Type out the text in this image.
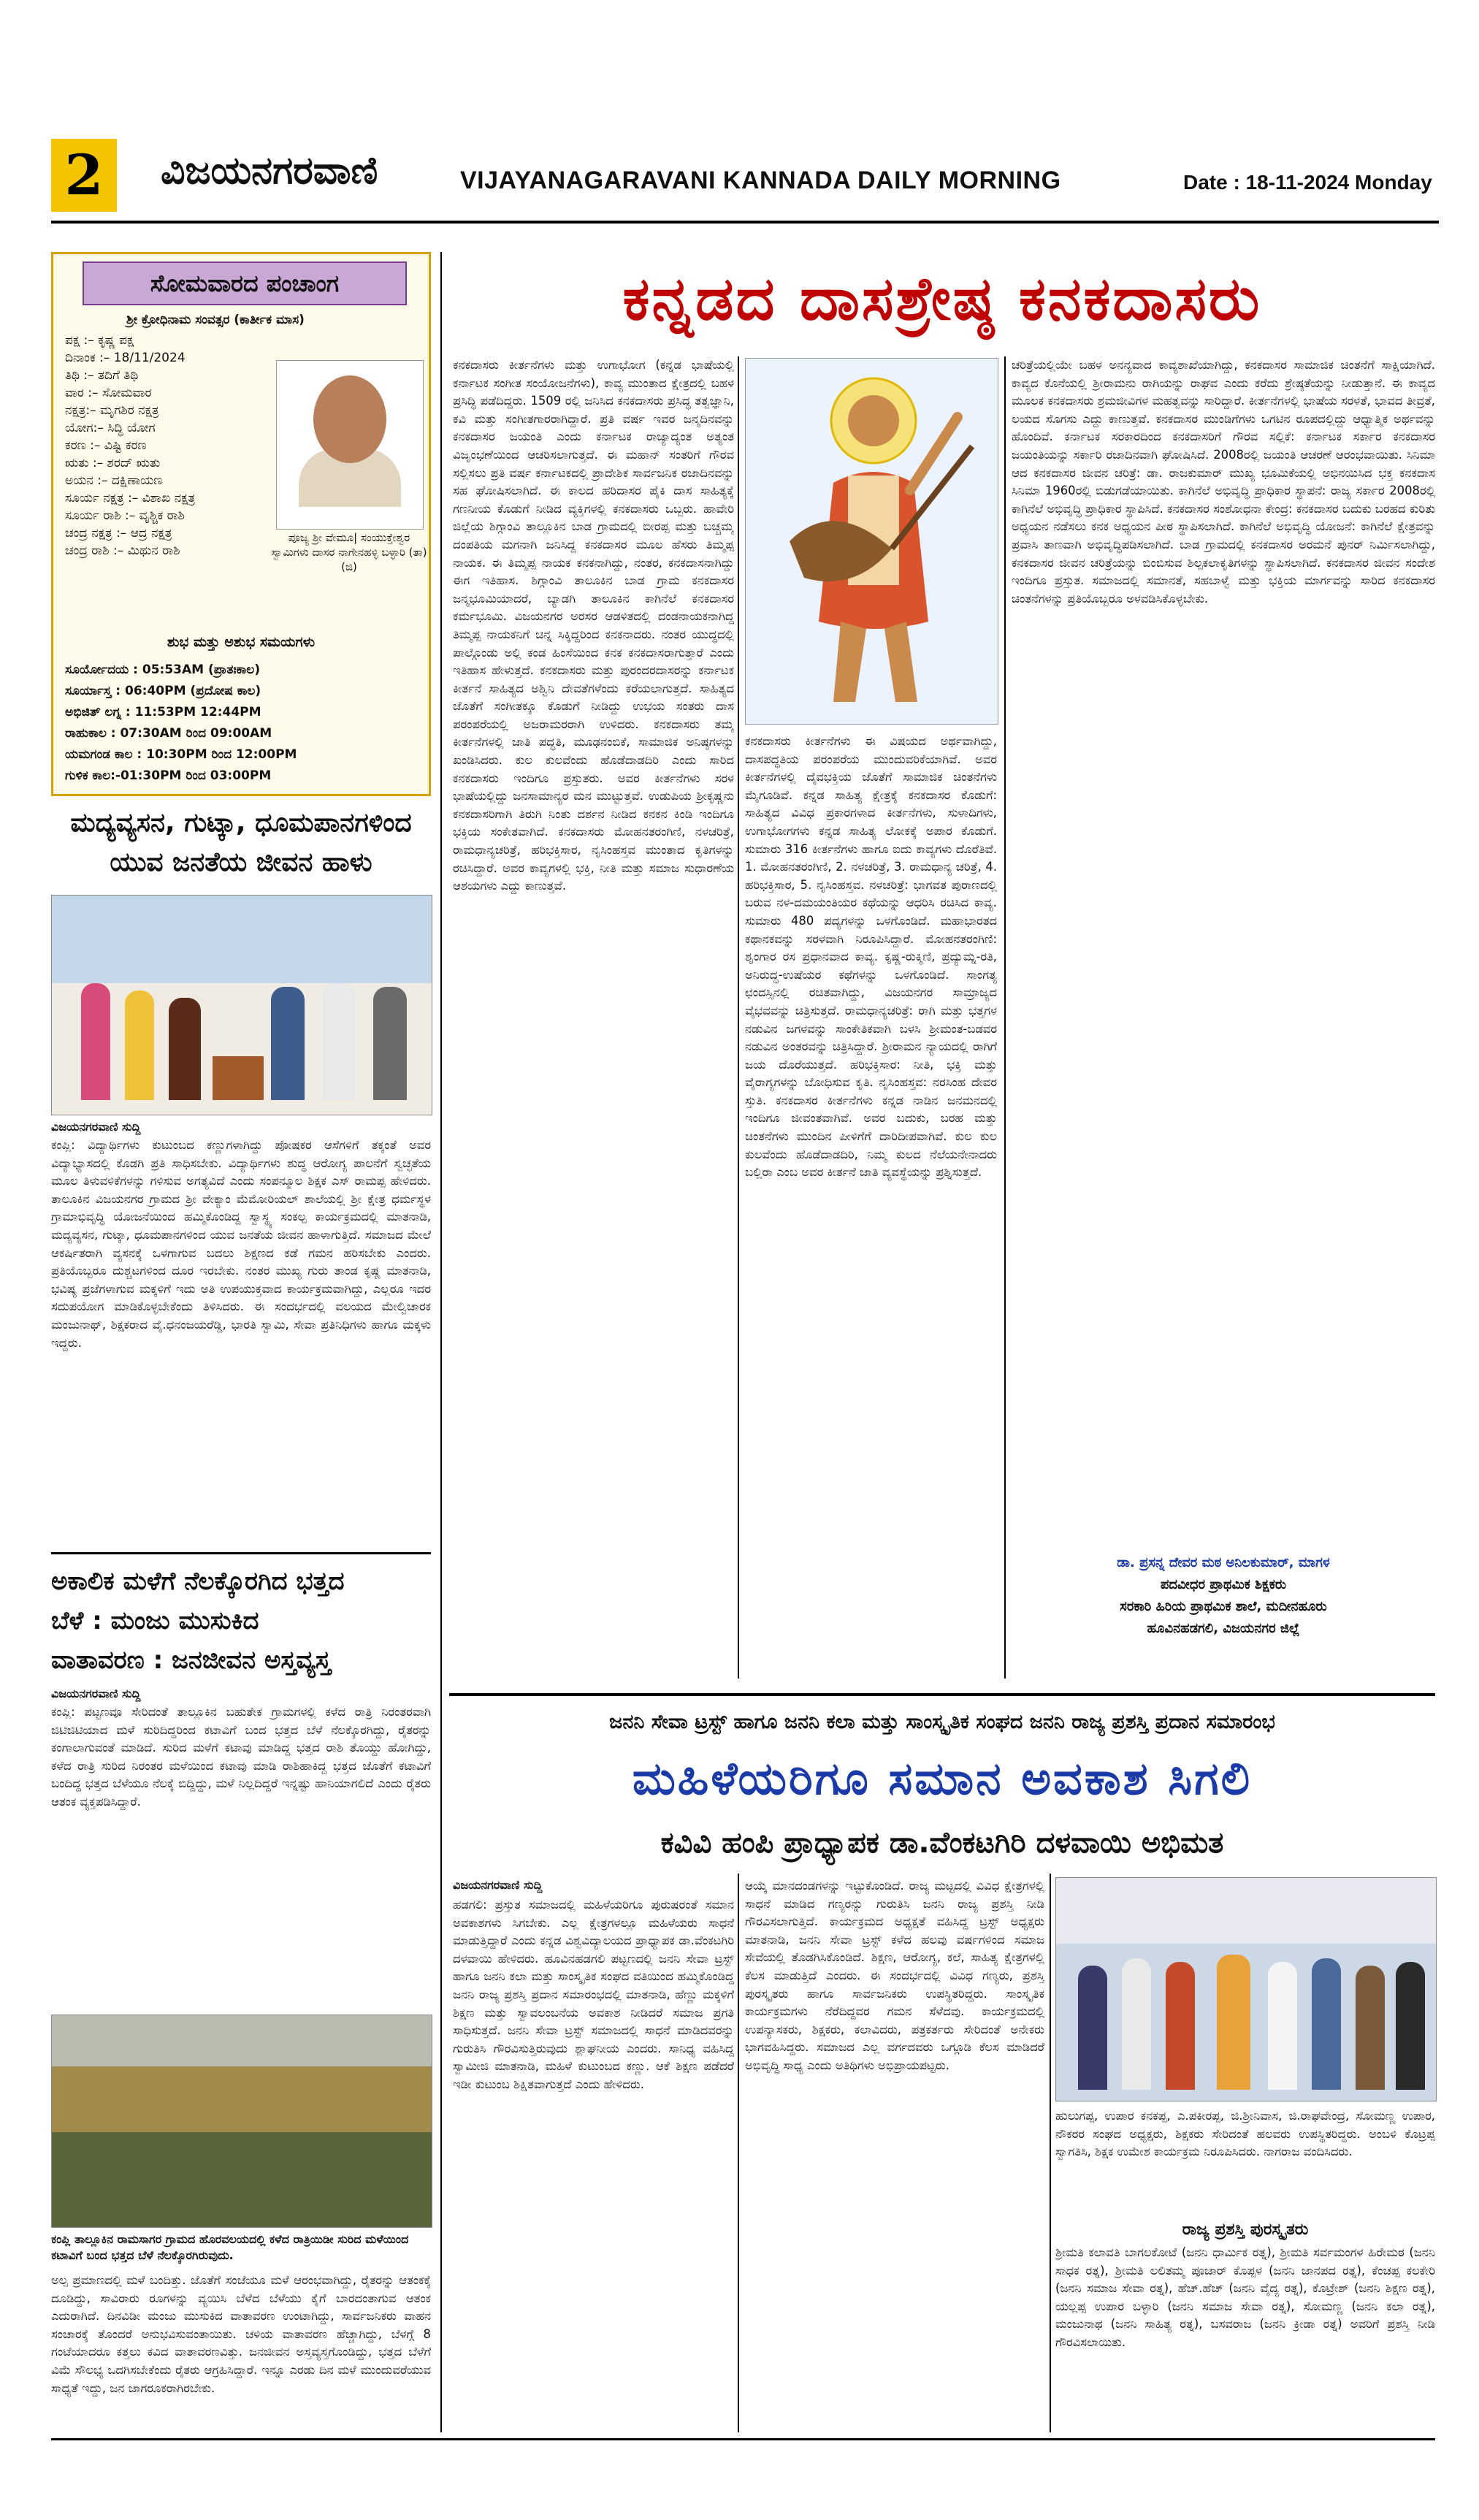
2	ವಿಜಯನಗರವಾಣಿ	VIJAYANAGARAVANI KANNADA DAILY MORNING	Date : 18-11-2024 Monday
ಸೋಮವಾರದ ಪಂಚಾಂಗ
ಶ್ರೀ ಕ್ರೋಧಿನಾಮ ಸಂವತ್ಸರ (ಕಾರ್ತೀಕ ಮಾಸ)
ಪಕ್ಷ :– ಕೃಷ್ಣ ಪಕ್ಷ
ದಿನಾಂಕ :– 18/11/2024
ತಿಥಿ :– ತದಿಗೆ ತಿಥಿ
ವಾರ :– ಸೋಮವಾರ
ನಕ್ಷತ್ರ:– ಮೃಗಶಿರ ನಕ್ಷತ್ರ
ಯೋಗ:– ಸಿದ್ಧಿ ಯೋಗ
ಕರಣ :– ವಿಷ್ಟಿ ಕರಣ
ಋತು :– ಶರದ್ ಋತು
ಅಯನ :– ದಕ್ಷಿಣಾಯಣ
ಸೂರ್ಯ ನಕ್ಷತ್ರ :– ವಿಶಾಖ ನಕ್ಷತ್ರ
ಸೂರ್ಯ ರಾಶಿ :– ವೃಶ್ಚಿಕ ರಾಶಿ
ಚಂದ್ರ ನಕ್ಷತ್ರ :– ಆದ್ರ ನಕ್ಷತ್ರ
ಚಂದ್ರ ರಾಶಿ :– ಮಿಥುನ ರಾಶಿ
ಪೂಜ್ಯ ಶ್ರೀ ವೇಮೂ| ಸಂಯುಕ್ತೇಶ್ವರ ಸ್ವಾಮಿಗಳು ದಾಸರ ನಾಗೇನಹಳ್ಳಿ ಬಳ್ಳಾರಿ (ತಾ)(ಜಿ)
ಶುಭ ಮತ್ತು ಅಶುಭ ಸಮಯಗಳು
ಸೂರ್ಯೋದಯ : 05:53AM (ಪ್ರಾತಃಕಾಲ)
ಸೂರ್ಯಾಸ್ತ : 06:40PM (ಪ್ರದೋಷ ಕಾಲ)
ಅಭಿಜಿತ್ ಲಗ್ನ : 11:53PM 12:44PM
ರಾಹುಕಾಲ : 07:30AM ರಿಂದ 09:00AM
ಯಮಗಂಡ ಕಾಲ : 10:30PM ರಿಂದ 12:00PM
ಗುಳಿಕ ಕಾಲ:-01:30PM ರಿಂದ 03:00PM
ಕನ್ನಡದ ದಾಸಶ್ರೇಷ್ಠ ಕನಕದಾಸರು
ಕನಕದಾಸರು ಕೀರ್ತನೆಗಳು ಮತ್ತು ಉಗಾಭೋಗ (ಕನ್ನಡ ಭಾಷೆಯಲ್ಲಿ ಕರ್ನಾಟಕ ಸಂಗೀತ ಸಂಯೋಜನೆಗಳು), ಕಾವ್ಯ ಮುಂತಾದ ಕ್ಷೇತ್ರದಲ್ಲಿ ಬಹಳ ಪ್ರಸಿದ್ಧಿ ಪಡೆದಿದ್ದರು. 1509 ರಲ್ಲಿ ಜನಿಸಿದ ಕನಕದಾಸರು ಪ್ರಸಿದ್ಧ ತತ್ವಜ್ಞಾನಿ, ಕವಿ ಮತ್ತು ಸಂಗೀತಗಾರರಾಗಿದ್ದಾರೆ. ಪ್ರತಿ ವರ್ಷ ಇವರ ಜನ್ಮದಿನವನ್ನು ಕನಕದಾಸರ ಜಯಂತಿ ಎಂದು ಕರ್ನಾಟಕ ರಾಜ್ಯಾದ್ಯಂತ ಅತ್ಯಂತ ವಿಜೃಂಭಣೆಯಿಂದ ಆಚರಿಸಲಾಗುತ್ತದೆ. ಈ ಮಹಾನ್ ಸಂತರಿಗೆ ಗೌರವ ಸಲ್ಲಿಸಲು ಪ್ರತಿ ವರ್ಷ ಕರ್ನಾಟಕದಲ್ಲಿ ಪ್ರಾದೇಶಿಕ ಸಾರ್ವಜನಿಕ ರಜಾದಿನವನ್ನು ಸಹ ಘೋಷಿಸಲಾಗಿದೆ. ಈ ಕಾಲದ ಹರಿದಾಸರ ಪೈಕಿ ದಾಸ ಸಾಹಿತ್ಯಕ್ಕೆ ಗಣನೀಯ ಕೊಡುಗೆ ನೀಡಿದ ವ್ಯಕ್ತಿಗಳಲ್ಲಿ ಕನಕದಾಸರು ಒಬ್ಬರು. ಹಾವೇರಿ ಜಿಲ್ಲೆಯ ಶಿಗ್ಗಾಂವಿ ತಾಲ್ಲೂಕಿನ ಬಾಡ ಗ್ರಾಮದಲ್ಲಿ ಬೀರಪ್ಪ ಮತ್ತು ಬಚ್ಚಮ್ಮ ದಂಪತಿಯ ಮಗನಾಗಿ ಜನಿಸಿದ್ದ ಕನಕದಾಸರ ಮೂಲ ಹೆಸರು ತಿಮ್ಮಪ್ಪ ನಾಯಕ. ಈ ತಿಮ್ಮಪ್ಪ ನಾಯಕ ಕನಕನಾಗಿದ್ದು, ನಂತರ, ಕನಕದಾಸನಾಗಿದ್ದು ಈಗ ಇತಿಹಾಸ. ಶಿಗ್ಗಾಂವಿ ತಾಲೂಕಿನ ಬಾಡ ಗ್ರಾಮ ಕನಕದಾಸರ ಜನ್ಮಭೂಮಿಯಾದರೆ, ಬ್ಯಾಡಗಿ ತಾಲೂಕಿನ ಕಾಗಿನೆಲೆ ಕನಕದಾಸರ ಕರ್ಮಭೂಮಿ. ವಿಜಯನಗರ ಅರಸರ ಆಡಳಿತದಲ್ಲಿ ದಂಡನಾಯಕನಾಗಿದ್ದ ತಿಮ್ಮಪ್ಪ ನಾಯಕನಿಗೆ ಚಿನ್ನ ಸಿಕ್ಕಿದ್ದರಿಂದ ಕನಕನಾದರು. ನಂತರ ಯುದ್ಧದಲ್ಲಿ ಪಾಲ್ಗೊಂಡು ಅಲ್ಲಿ ಕಂಡ ಹಿಂಸೆಯಿಂದ ಕನಕ ಕನಕದಾಸರಾಗುತ್ತಾರೆ ಎಂದು ಇತಿಹಾಸ ಹೇಳುತ್ತದೆ. ಕನಕದಾಸರು ಮತ್ತು ಪುರಂದರದಾಸರನ್ನು ಕರ್ನಾಟಕ ಕೀರ್ತನೆ ಸಾಹಿತ್ಯದ ಅಶ್ವಿನಿ ದೇವತೆಗಳೆಂದು ಕರೆಯಲಾಗುತ್ತದೆ. ಸಾಹಿತ್ಯದ ಜೊತೆಗೆ ಸಂಗೀತಕ್ಕೂ ಕೊಡುಗೆ ನೀಡಿದ್ದು ಉಭಯ ಸಂತರು ದಾಸ ಪರಂಪರೆಯಲ್ಲಿ ಅಜರಾಮರರಾಗಿ ಉಳಿದರು. ಕನಕದಾಸರು ತಮ್ಮ ಕೀರ್ತನೆಗಳಲ್ಲಿ ಜಾತಿ ಪದ್ಧತಿ, ಮೂಢನಂಬಿಕೆ, ಸಾಮಾಜಿಕ ಅನಿಷ್ಠಗಳನ್ನು ಖಂಡಿಸಿದರು. ಕುಲ ಕುಲವೆಂದು ಹೊಡೆದಾಡದಿರಿ ಎಂದು ಸಾರಿದ ಕನಕದಾಸರು ಇಂದಿಗೂ ಪ್ರಸ್ತುತರು. ಅವರ ಕೀರ್ತನೆಗಳು ಸರಳ ಭಾಷೆಯಲ್ಲಿದ್ದು ಜನಸಾಮಾನ್ಯರ ಮನ ಮುಟ್ಟುತ್ತವೆ. ಉಡುಪಿಯ ಶ್ರೀಕೃಷ್ಣನು ಕನಕದಾಸರಿಗಾಗಿ ತಿರುಗಿ ನಿಂತು ದರ್ಶನ ನೀಡಿದ ಕನಕನ ಕಿಂಡಿ ಇಂದಿಗೂ ಭಕ್ತಿಯ ಸಂಕೇತವಾಗಿದೆ. ಕನಕದಾಸರು ಮೋಹನತರಂಗಿಣಿ, ನಳಚರಿತ್ರೆ, ರಾಮಧಾನ್ಯಚರಿತ್ರೆ, ಹರಿಭಕ್ತಿಸಾರ, ನೃಸಿಂಹಸ್ತವ ಮುಂತಾದ ಕೃತಿಗಳನ್ನು ರಚಿಸಿದ್ದಾರೆ. ಅವರ ಕಾವ್ಯಗಳಲ್ಲಿ ಭಕ್ತಿ, ನೀತಿ ಮತ್ತು ಸಮಾಜ ಸುಧಾರಣೆಯ ಆಶಯಗಳು ಎದ್ದು ಕಾಣುತ್ತವೆ.
ಕನಕದಾಸರು ಕೀರ್ತನೆಗಳು ಈ ವಿಷಯದ ಅರ್ಥವಾಗಿದ್ದು, ದಾಸಪದ್ಧತಿಯ ಪರಂಪರೆಯ ಮುಂದುವರಿಕೆಯಾಗಿವೆ. ಅವರ ಕೀರ್ತನೆಗಳಲ್ಲಿ ದೈವಭಕ್ತಿಯ ಜೊತೆಗೆ ಸಾಮಾಜಿಕ ಚಿಂತನೆಗಳು ಮೈಗೂಡಿವೆ. ಕನ್ನಡ ಸಾಹಿತ್ಯ ಕ್ಷೇತ್ರಕ್ಕೆ ಕನಕದಾಸರ ಕೊಡುಗೆ: ಸಾಹಿತ್ಯದ ವಿವಿಧ ಪ್ರಕಾರಗಳಾದ ಕೀರ್ತನೆಗಳು, ಸುಳಾದಿಗಳು, ಉಗಾಭೋಗಗಳು ಕನ್ನಡ ಸಾಹಿತ್ಯ ಲೋಕಕ್ಕೆ ಅಪಾರ ಕೊಡುಗೆ. ಸುಮಾರು 316 ಕೀರ್ತನೆಗಳು ಹಾಗೂ ಐದು ಕಾವ್ಯಗಳು ದೊರೆತಿವೆ. 1. ಮೋಹನತರಂಗಿಣಿ, 2. ನಳಚರಿತ್ರೆ, 3. ರಾಮಧಾನ್ಯ ಚರಿತ್ರೆ, 4. ಹರಿಭಕ್ತಿಸಾರ, 5. ನೃಸಿಂಹಸ್ತವ. ನಳಚರಿತ್ರೆ: ಭಾಗವತ ಪುರಾಣದಲ್ಲಿ ಬರುವ ನಳ-ದಮಯಂತಿಯರ ಕಥೆಯನ್ನು ಆಧರಿಸಿ ರಚಿಸಿದ ಕಾವ್ಯ. ಸುಮಾರು 480 ಪದ್ಯಗಳನ್ನು ಒಳಗೊಂಡಿದೆ. ಮಹಾಭಾರತದ ಕಥಾನಕವನ್ನು ಸರಳವಾಗಿ ನಿರೂಪಿಸಿದ್ದಾರೆ. ಮೋಹನತರಂಗಿಣಿ: ಶೃಂಗಾರ ರಸ ಪ್ರಧಾನವಾದ ಕಾವ್ಯ. ಕೃಷ್ಣ-ರುಕ್ಮಿಣಿ, ಪ್ರದ್ಯುಮ್ನ-ರತಿ, ಅನಿರುದ್ಧ-ಉಷೆಯರ ಕಥೆಗಳನ್ನು ಒಳಗೊಂಡಿದೆ. ಸಾಂಗತ್ಯ ಛಂದಸ್ಸಿನಲ್ಲಿ ರಚಿತವಾಗಿದ್ದು, ವಿಜಯನಗರ ಸಾಮ್ರಾಜ್ಯದ ವೈಭವವನ್ನು ಚಿತ್ರಿಸುತ್ತದೆ. ರಾಮಧಾನ್ಯಚರಿತ್ರೆ: ರಾಗಿ ಮತ್ತು ಭತ್ತಗಳ ನಡುವಿನ ಜಗಳವನ್ನು ಸಾಂಕೇತಿಕವಾಗಿ ಬಳಸಿ ಶ್ರೀಮಂತ-ಬಡವರ ನಡುವಿನ ಅಂತರವನ್ನು ಚಿತ್ರಿಸಿದ್ದಾರೆ. ಶ್ರೀರಾಮನ ನ್ಯಾಯದಲ್ಲಿ ರಾಗಿಗೆ ಜಯ ದೊರೆಯುತ್ತದೆ. ಹರಿಭಕ್ತಿಸಾರ: ನೀತಿ, ಭಕ್ತಿ ಮತ್ತು ವೈರಾಗ್ಯಗಳನ್ನು ಬೋಧಿಸುವ ಕೃತಿ. ನೃಸಿಂಹಸ್ತವ: ನರಸಿಂಹ ದೇವರ ಸ್ತುತಿ. ಕನಕದಾಸರ ಕೀರ್ತನೆಗಳು ಕನ್ನಡ ನಾಡಿನ ಜನಮನದಲ್ಲಿ ಇಂದಿಗೂ ಜೀವಂತವಾಗಿವೆ. ಅವರ ಬದುಕು, ಬರಹ ಮತ್ತು ಚಿಂತನೆಗಳು ಮುಂದಿನ ಪೀಳಿಗೆಗೆ ದಾರಿದೀಪವಾಗಿವೆ. ಕುಲ ಕುಲ ಕುಲವೆಂದು ಹೊಡೆದಾಡದಿರಿ, ನಿಮ್ಮ ಕುಲದ ನೆಲೆಯನೇನಾದರು ಬಲ್ಲಿರಾ ಎಂಬ ಅವರ ಕೀರ್ತನೆ ಜಾತಿ ವ್ಯವಸ್ಥೆಯನ್ನು ಪ್ರಶ್ನಿಸುತ್ತದೆ.
ಚರಿತ್ರೆಯಲ್ಲಿಯೇ ಬಹಳ ಅನನ್ಯವಾದ ಕಾವ್ಯಶಾಖೆಯಾಗಿದ್ದು, ಕನಕದಾಸರ ಸಾಮಾಜಿಕ ಚಿಂತನೆಗೆ ಸಾಕ್ಷಿಯಾಗಿದೆ. ಕಾವ್ಯದ ಕೊನೆಯಲ್ಲಿ ಶ್ರೀರಾಮನು ರಾಗಿಯನ್ನು ರಾಘವ ಎಂದು ಕರೆದು ಶ್ರೇಷ್ಠತೆಯನ್ನು ನೀಡುತ್ತಾನೆ. ಈ ಕಾವ್ಯದ ಮೂಲಕ ಕನಕದಾಸರು ಶ್ರಮಜೀವಿಗಳ ಮಹತ್ವವನ್ನು ಸಾರಿದ್ದಾರೆ. ಕೀರ್ತನೆಗಳಲ್ಲಿ ಭಾಷೆಯ ಸರಳತೆ, ಭಾವದ ತೀವ್ರತೆ, ಲಯದ ಸೊಗಸು ಎದ್ದು ಕಾಣುತ್ತವೆ. ಕನಕದಾಸರ ಮುಂಡಿಗೆಗಳು ಒಗಟಿನ ರೂಪದಲ್ಲಿದ್ದು ಆಧ್ಯಾತ್ಮಿಕ ಅರ್ಥವನ್ನು ಹೊಂದಿವೆ. ಕರ್ನಾಟಕ ಸರಕಾರದಿಂದ ಕನಕದಾಸರಿಗೆ ಗೌರವ ಸಲ್ಲಿಕೆ: ಕರ್ನಾಟಕ ಸರ್ಕಾರ ಕನಕದಾಸರ ಜಯಂತಿಯನ್ನು ಸರ್ಕಾರಿ ರಜಾದಿನವಾಗಿ ಘೋಷಿಸಿದೆ. 2008ರಲ್ಲಿ ಜಯಂತಿ ಆಚರಣೆ ಆರಂಭವಾಯಿತು. ಸಿನಿಮಾ ಆದ ಕನಕದಾಸರ ಜೀವನ ಚರಿತ್ರೆ: ಡಾ. ರಾಜಕುಮಾರ್ ಮುಖ್ಯ ಭೂಮಿಕೆಯಲ್ಲಿ ಅಭಿನಯಿಸಿದ ಭಕ್ತ ಕನಕದಾಸ ಸಿನಿಮಾ 1960ರಲ್ಲಿ ಬಿಡುಗಡೆಯಾಯಿತು. ಕಾಗಿನೆಲೆ ಅಭಿವೃದ್ಧಿ ಪ್ರಾಧಿಕಾರ ಸ್ಥಾಪನೆ: ರಾಜ್ಯ ಸರ್ಕಾರ 2008ರಲ್ಲಿ ಕಾಗಿನೆಲೆ ಅಭಿವೃದ್ಧಿ ಪ್ರಾಧಿಕಾರ ಸ್ಥಾಪಿಸಿದೆ. ಕನಕದಾಸರ ಸಂಶೋಧನಾ ಕೇಂದ್ರ: ಕನಕದಾಸರ ಬದುಕು ಬರಹದ ಕುರಿತು ಅಧ್ಯಯನ ನಡೆಸಲು ಕನಕ ಅಧ್ಯಯನ ಪೀಠ ಸ್ಥಾಪಿಸಲಾಗಿದೆ. ಕಾಗಿನೆಲೆ ಅಭಿವೃದ್ಧಿ ಯೋಜನೆ: ಕಾಗಿನೆಲೆ ಕ್ಷೇತ್ರವನ್ನು ಪ್ರವಾಸಿ ತಾಣವಾಗಿ ಅಭಿವೃದ್ಧಿಪಡಿಸಲಾಗಿದೆ. ಬಾಡ ಗ್ರಾಮದಲ್ಲಿ ಕನಕದಾಸರ ಅರಮನೆ ಪುನರ್ ನಿರ್ಮಿಸಲಾಗಿದ್ದು, ಕನಕದಾಸರ ಜೀವನ ಚರಿತ್ರೆಯನ್ನು ಬಿಂಬಿಸುವ ಶಿಲ್ಪಕಲಾಕೃತಿಗಳನ್ನು ಸ್ಥಾಪಿಸಲಾಗಿದೆ. ಕನಕದಾಸರ ಜೀವನ ಸಂದೇಶ ಇಂದಿಗೂ ಪ್ರಸ್ತುತ. ಸಮಾಜದಲ್ಲಿ ಸಮಾನತೆ, ಸಹಬಾಳ್ವೆ ಮತ್ತು ಭಕ್ತಿಯ ಮಾರ್ಗವನ್ನು ಸಾರಿದ ಕನಕದಾಸರ ಚಿಂತನೆಗಳನ್ನು ಪ್ರತಿಯೊಬ್ಬರೂ ಅಳವಡಿಸಿಕೊಳ್ಳಬೇಕು.
ಡಾ. ಪ್ರಸನ್ನ ದೇವರ ಮಠ ಅನಿಲಕುಮಾರ್, ಮಾಗಳ
ಪದವೀಧರ ಪ್ರಾಥಮಿಕ ಶಿಕ್ಷಕರು
ಸರಕಾರಿ ಹಿರಿಯ ಪ್ರಾಥಮಿಕ ಶಾಲೆ, ಮದೀನಹೂರು
ಹೂವಿನಹಡಗಲಿ, ವಿಜಯನಗರ ಜಿಲ್ಲೆ
ಮದ್ಯವ್ಯಸನ, ಗುಟ್ಕಾ, ಧೂಮಪಾನಗಳಿಂದ
ಯುವ ಜನತೆಯ ಜೀವನ ಹಾಳು
ವಿಜಯನಗರವಾಣಿ ಸುದ್ದಿ
ಕಂಪ್ಲಿ: ವಿದ್ಯಾರ್ಥಿಗಳು ಕುಟುಂಬದ ಕಣ್ಣುಗಳಾಗಿದ್ದು ಪೋಷಕರ ಆಸೆಗಳಿಗೆ ತಕ್ಕಂತೆ ಅವರ ವಿದ್ಯಾಭ್ಯಾಸದಲ್ಲಿ ಕೊಡಗಿ ಪ್ರತಿ ಸಾಧಿಸಬೇಕು. ವಿದ್ಯಾರ್ಥಿಗಳು ಶುದ್ಧ ಆರೋಗ್ಯ ಪಾಲನೆಗೆ ಸ್ವಚ್ಛತೆಯ ಮೂಲ ತಿಳುವಳಿಕೆಗಳನ್ನು ಗಳಿಸುವ ಅಗತ್ಯವಿದೆ ಎಂದು ಸಂಪನ್ಮೂಲ ಶಿಕ್ಷಕ ಎಸ್ ರಾಮಪ್ಪ ಹೇಳಿದರು. ತಾಲೂಕಿನ ವಿಜಯನಗರ ಗ್ರಾಮದ ಶ್ರೀ ವೇಕ್ಯಾಂ ಮೆಮೋರಿಯಲ್ ಶಾಲೆಯಲ್ಲಿ ಶ್ರೀ ಕ್ಷೇತ್ರ ಧರ್ಮಸ್ಥಳ ಗ್ರಾಮಾಭಿವೃದ್ಧಿ ಯೋಜನೆಯಿಂದ ಹಮ್ಮಿಕೊಂಡಿದ್ದ ಸ್ವಾಸ್ಥ್ಯ ಸಂಕಲ್ಪ ಕಾರ್ಯಕ್ರಮದಲ್ಲಿ ಮಾತನಾಡಿ, ಮದ್ಯವ್ಯಸನ, ಗುಟ್ಕಾ, ಧೂಮಪಾನಗಳಿಂದ ಯುವ ಜನತೆಯ ಜೀವನ ಹಾಳಾಗುತ್ತಿದೆ. ಸಮಾಜದ ಮೇಲೆ ಆಕರ್ಷಿತರಾಗಿ ವ್ಯಸನಕ್ಕೆ ಒಳಗಾಗುವ ಬದಲು ಶಿಕ್ಷಣದ ಕಡೆ ಗಮನ ಹರಿಸಬೇಕು ಎಂದರು. ಪ್ರತಿಯೊಬ್ಬರೂ ದುಶ್ಚಟಗಳಿಂದ ದೂರ ಇರಬೇಕು. ನಂತರ ಮುಖ್ಯ ಗುರು ತಾಂಡ ಕೃಷ್ಣ ಮಾತನಾಡಿ, ಭವಿಷ್ಯ ಪ್ರಜೆಗಳಾಗುವ ಮಕ್ಕಳಿಗೆ ಇದು ಅತಿ ಉಪಯುಕ್ತವಾದ ಕಾರ್ಯಕ್ರಮವಾಗಿದ್ದು, ಎಲ್ಲರೂ ಇದರ ಸದುಪಯೋಗ ಮಾಡಿಕೊಳ್ಳಬೇಕೆಂದು ತಿಳಿಸಿದರು. ಈ ಸಂದರ್ಭದಲ್ಲಿ ವಲಯದ ಮೇಲ್ವಿಚಾರಕ ಮಂಜುನಾಥ್, ಶಿಕ್ಷಕರಾದ ವೈ.ಧನಂಜಯರೆಡ್ಡಿ, ಭಾರತಿ ಸ್ವಾಮಿ, ಸೇವಾ ಪ್ರತಿನಿಧಿಗಳು ಹಾಗೂ ಮಕ್ಕಳು ಇದ್ದರು.
ಅಕಾಲಿಕ ಮಳೆಗೆ ನೆಲಕ್ಕೊರಗಿದ ಭತ್ತದ
ಬೆಳೆ : ಮಂಜು ಮುಸುಕಿದ
ವಾತಾವರಣ : ಜನಜೀವನ ಅಸ್ತವ್ಯಸ್ತ
ವಿಜಯನಗರವಾಣಿ ಸುದ್ದಿ
ಕಂಪ್ಲಿ: ಪಟ್ಟಣವೂ ಸೇರಿದಂತೆ ತಾಲ್ಲೂಕಿನ ಬಹುತೇಕ ಗ್ರಾಮಗಳಲ್ಲಿ ಕಳೆದ ರಾತ್ರಿ ನಿರಂತರವಾಗಿ ಜಿಟಿಜಿಟಿಯಾದ ಮಳೆ ಸುರಿದಿದ್ದರಿಂದ ಕಟಾವಿಗೆ ಬಂದ ಭತ್ತದ ಬೆಳೆ ನೆಲಕ್ಕೊರಗಿದ್ದು, ರೈತರನ್ನು ಕಂಗಾಲಾಗುವಂತೆ ಮಾಡಿದೆ. ಸುರಿದ ಮಳೆಗೆ ಕಟಾವು ಮಾಡಿದ್ದ ಭತ್ತದ ರಾಶಿ ತೊಯ್ದು ಹೋಗಿದ್ದು, ಕಳೆದ ರಾತ್ರಿ ಸುರಿದ ನಿರಂತರ ಮಳೆಯಿಂದ ಕಟಾವು ಮಾಡಿ ರಾಶಿಹಾಕಿದ್ದ ಭತ್ತದ ಜೊತೆಗೆ ಕಟಾವಿಗೆ ಬಂದಿದ್ದ ಭತ್ತದ ಬೆಳೆಯೂ ನೆಲಕ್ಕೆ ಬಿದ್ದಿದ್ದು, ಮಳೆ ನಿಲ್ಲದಿದ್ದರೆ ಇನ್ನಷ್ಟು ಹಾನಿಯಾಗಲಿದೆ ಎಂದು ರೈತರು ಆತಂಕ ವ್ಯಕ್ತಪಡಿಸಿದ್ದಾರೆ.
ಕಂಪ್ಲಿ ತಾಲ್ಲೂಕಿನ ರಾಮಸಾಗರ ಗ್ರಾಮದ ಹೊರವಲಯದಲ್ಲಿ ಕಳೆದ ರಾತ್ರಿಯಿಡೀ ಸುರಿದ ಮಳೆಯಿಂದ ಕಟಾವಿಗೆ ಬಂದ ಭತ್ತದ ಬೆಳೆ ನೆಲಕ್ಕೊರಗಿರುವುದು.
ಅಲ್ಪ ಪ್ರಮಾಣದಲ್ಲಿ ಮಳೆ ಬಂದಿತ್ತು. ಜೊತೆಗೆ ಸಂಜೆಯೂ ಮಳೆ ಆರಂಭವಾಗಿದ್ದು, ರೈತರನ್ನು ಆತಂಕಕ್ಕೆ ದೂಡಿದ್ದು, ಸಾವಿರಾರು ರೂಗಳನ್ನು ವ್ಯಯಿಸಿ ಬೆಳೆದ ಬೆಳೆಯು ಕೈಗೆ ಬಾರದಂತಾಗುವ ಆತಂಕ ಎದುರಾಗಿದೆ. ದಿನವಿಡೀ ಮಂಜು ಮುಸುಕಿದ ವಾತಾವರಣ ಉಂಟಾಗಿದ್ದು, ಸಾರ್ವಜನಿಕರು ವಾಹನ ಸಂಚಾರಕ್ಕೆ ತೊಂದರೆ ಅನುಭವಿಸುವಂತಾಯಿತು. ಚಳಿಯ ವಾತಾವರಣ ಹೆಚ್ಚಾಗಿದ್ದು, ಬೆಳಗ್ಗೆ 8 ಗಂಟೆಯಾದರೂ ಕತ್ತಲು ಕವಿದ ವಾತಾವರಣವಿತ್ತು. ಜನಜೀವನ ಅಸ್ತವ್ಯಸ್ತಗೊಂಡಿದ್ದು, ಭತ್ತದ ಬೆಳೆಗೆ ವಿಮೆ ಸೌಲಭ್ಯ ಒದಗಿಸಬೇಕೆಂದು ರೈತರು ಆಗ್ರಹಿಸಿದ್ದಾರೆ. ಇನ್ನೂ ಎರಡು ದಿನ ಮಳೆ ಮುಂದುವರೆಯುವ ಸಾಧ್ಯತೆ ಇದ್ದು, ಜನ ಜಾಗರೂಕರಾಗಿರಬೇಕು.
ಜನನಿ ಸೇವಾ ಟ್ರಸ್ಟ್ ಹಾಗೂ ಜನನಿ ಕಲಾ ಮತ್ತು ಸಾಂಸ್ಕೃತಿಕ ಸಂಘದ ಜನನಿ ರಾಜ್ಯ ಪ್ರಶಸ್ತಿ ಪ್ರದಾನ ಸಮಾರಂಭ
ಮಹಿಳೆಯರಿಗೂ ಸಮಾನ ಅವಕಾಶ ಸಿಗಲಿ
ಕವಿವಿ ಹಂಪಿ ಪ್ರಾಧ್ಯಾಪಕ ಡಾ.ವೆಂಕಟಗಿರಿ ದಳವಾಯಿ ಅಭಿಮತ
ವಿಜಯನಗರವಾಣಿ ಸುದ್ದಿ
ಹಡಗಲಿ: ಪ್ರಸ್ತುತ ಸಮಾಜದಲ್ಲಿ ಮಹಿಳೆಯರಿಗೂ ಪುರುಷರಂತೆ ಸಮಾನ ಅವಕಾಶಗಳು ಸಿಗಬೇಕು. ಎಲ್ಲ ಕ್ಷೇತ್ರಗಳಲ್ಲೂ ಮಹಿಳೆಯರು ಸಾಧನೆ ಮಾಡುತ್ತಿದ್ದಾರೆ ಎಂದು ಕನ್ನಡ ವಿಶ್ವವಿದ್ಯಾಲಯದ ಪ್ರಾಧ್ಯಾಪಕ ಡಾ.ವೆಂಕಟಗಿರಿ ದಳವಾಯಿ ಹೇಳಿದರು. ಹೂವಿನಹಡಗಲಿ ಪಟ್ಟಣದಲ್ಲಿ ಜನನಿ ಸೇವಾ ಟ್ರಸ್ಟ್ ಹಾಗೂ ಜನನಿ ಕಲಾ ಮತ್ತು ಸಾಂಸ್ಕೃತಿಕ ಸಂಘದ ವತಿಯಿಂದ ಹಮ್ಮಿಕೊಂಡಿದ್ದ ಜನನಿ ರಾಜ್ಯ ಪ್ರಶಸ್ತಿ ಪ್ರದಾನ ಸಮಾರಂಭದಲ್ಲಿ ಮಾತನಾಡಿ, ಹೆಣ್ಣು ಮಕ್ಕಳಿಗೆ ಶಿಕ್ಷಣ ಮತ್ತು ಸ್ವಾವಲಂಬನೆಯ ಅವಕಾಶ ನೀಡಿದರೆ ಸಮಾಜ ಪ್ರಗತಿ ಸಾಧಿಸುತ್ತದೆ. ಜನನಿ ಸೇವಾ ಟ್ರಸ್ಟ್ ಸಮಾಜದಲ್ಲಿ ಸಾಧನೆ ಮಾಡಿದವರನ್ನು ಗುರುತಿಸಿ ಗೌರವಿಸುತ್ತಿರುವುದು ಶ್ಲಾಘನೀಯ ಎಂದರು. ಸಾನಿಧ್ಯ ವಹಿಸಿದ್ದ ಸ್ವಾಮೀಜಿ ಮಾತನಾಡಿ, ಮಹಿಳೆ ಕುಟುಂಬದ ಕಣ್ಣು. ಆಕೆ ಶಿಕ್ಷಣ ಪಡೆದರೆ ಇಡೀ ಕುಟುಂಬ ಶಿಕ್ಷಿತವಾಗುತ್ತದೆ ಎಂದು ಹೇಳಿದರು.
ಆಯ್ಕೆ ಮಾನದಂಡಗಳನ್ನು ಇಟ್ಟುಕೊಂಡಿದೆ. ರಾಜ್ಯ ಮಟ್ಟದಲ್ಲಿ ವಿವಿಧ ಕ್ಷೇತ್ರಗಳಲ್ಲಿ ಸಾಧನೆ ಮಾಡಿದ ಗಣ್ಯರನ್ನು ಗುರುತಿಸಿ ಜನನಿ ರಾಜ್ಯ ಪ್ರಶಸ್ತಿ ನೀಡಿ ಗೌರವಿಸಲಾಗುತ್ತಿದೆ. ಕಾರ್ಯಕ್ರಮದ ಅಧ್ಯಕ್ಷತೆ ವಹಿಸಿದ್ದ ಟ್ರಸ್ಟ್ ಅಧ್ಯಕ್ಷರು ಮಾತನಾಡಿ, ಜನನಿ ಸೇವಾ ಟ್ರಸ್ಟ್ ಕಳೆದ ಹಲವು ವರ್ಷಗಳಿಂದ ಸಮಾಜ ಸೇವೆಯಲ್ಲಿ ತೊಡಗಿಸಿಕೊಂಡಿದೆ. ಶಿಕ್ಷಣ, ಆರೋಗ್ಯ, ಕಲೆ, ಸಾಹಿತ್ಯ ಕ್ಷೇತ್ರಗಳಲ್ಲಿ ಕೆಲಸ ಮಾಡುತ್ತಿದೆ ಎಂದರು. ಈ ಸಂದರ್ಭದಲ್ಲಿ ವಿವಿಧ ಗಣ್ಯರು, ಪ್ರಶಸ್ತಿ ಪುರಸ್ಕೃತರು ಹಾಗೂ ಸಾರ್ವಜನಿಕರು ಉಪಸ್ಥಿತರಿದ್ದರು. ಸಾಂಸ್ಕೃತಿಕ ಕಾರ್ಯಕ್ರಮಗಳು ನೆರೆದಿದ್ದವರ ಗಮನ ಸೆಳೆದವು. ಕಾರ್ಯಕ್ರಮದಲ್ಲಿ ಉಪನ್ಯಾಸಕರು, ಶಿಕ್ಷಕರು, ಕಲಾವಿದರು, ಪತ್ರಕರ್ತರು ಸೇರಿದಂತೆ ಅನೇಕರು ಭಾಗವಹಿಸಿದ್ದರು. ಸಮಾಜದ ಎಲ್ಲ ವರ್ಗದವರು ಒಗ್ಗೂಡಿ ಕೆಲಸ ಮಾಡಿದರೆ ಅಭಿವೃದ್ಧಿ ಸಾಧ್ಯ ಎಂದು ಅತಿಥಿಗಳು ಅಭಿಪ್ರಾಯಪಟ್ಟರು.
ಹುಲುಗಪ್ಪ, ಉಪಾರ ಕನಕಪ್ಪ, ಎ.ಪಕೀರಪ್ಪ, ಜಿ.ಶ್ರೀನಿವಾಸ, ಜಿ.ರಾಘವೇಂದ್ರ, ಸೋಮಣ್ಣ ಉಪಾರ, ನೌಕರರ ಸಂಘದ ಅಧ್ಯಕ್ಷರು, ಶಿಕ್ಷಕರು ಸೇರಿದಂತೆ ಹಲವರು ಉಪಸ್ಥಿತರಿದ್ದರು. ಅಂಬಳಿ ಕೊಟ್ರಪ್ಪ ಸ್ವಾಗತಿಸಿ, ಶಿಕ್ಷಕ ಉಮೇಶ ಕಾರ್ಯಕ್ರಮ ನಿರೂಪಿಸಿದರು. ನಾಗರಾಜ ವಂದಿಸಿದರು.
ರಾಜ್ಯ ಪ್ರಶಸ್ತಿ ಪುರಸ್ಕೃತರು
ಶ್ರೀಮತಿ ಕಲಾವತಿ ಬಾಗಲಕೋಟೆ (ಜನನಿ ಧಾರ್ಮಿಕ ರತ್ನ), ಶ್ರೀಮತಿ ಸರ್ವಮಂಗಳ ಹಿರೇಮಠ (ಜನನಿ ಸಾಧಕ ರತ್ನ), ಶ್ರೀಮತಿ ಲಲಿತಮ್ಮ ಪೂಜಾರ್ ಕೊಪ್ಪಳ (ಜನನಿ ಜಾನಪದ ರತ್ನ), ಕೆಂಚಪ್ಪ ಕಲಕೇರಿ (ಜನನಿ ಸಮಾಜ ಸೇವಾ ರತ್ನ), ಹೆಚ್.ಹೆಚ್ (ಜನನಿ ವೈದ್ಯ ರತ್ನ), ಕೊಟ್ರೇಶ್ (ಜನನಿ ಶಿಕ್ಷಣ ರತ್ನ), ಯಲ್ಲಪ್ಪ ಉಪಾರ ಬಳ್ಳಾರಿ (ಜನನಿ ಸಮಾಜ ಸೇವಾ ರತ್ನ), ಸೋಮಣ್ಣ (ಜನನಿ ಕಲಾ ರತ್ನ), ಮಂಜುನಾಥ (ಜನನಿ ಸಾಹಿತ್ಯ ರತ್ನ), ಬಸವರಾಜ (ಜನನಿ ಕ್ರೀಡಾ ರತ್ನ) ಅವರಿಗೆ ಪ್ರಶಸ್ತಿ ನೀಡಿ ಗೌರವಿಸಲಾಯಿತು.
